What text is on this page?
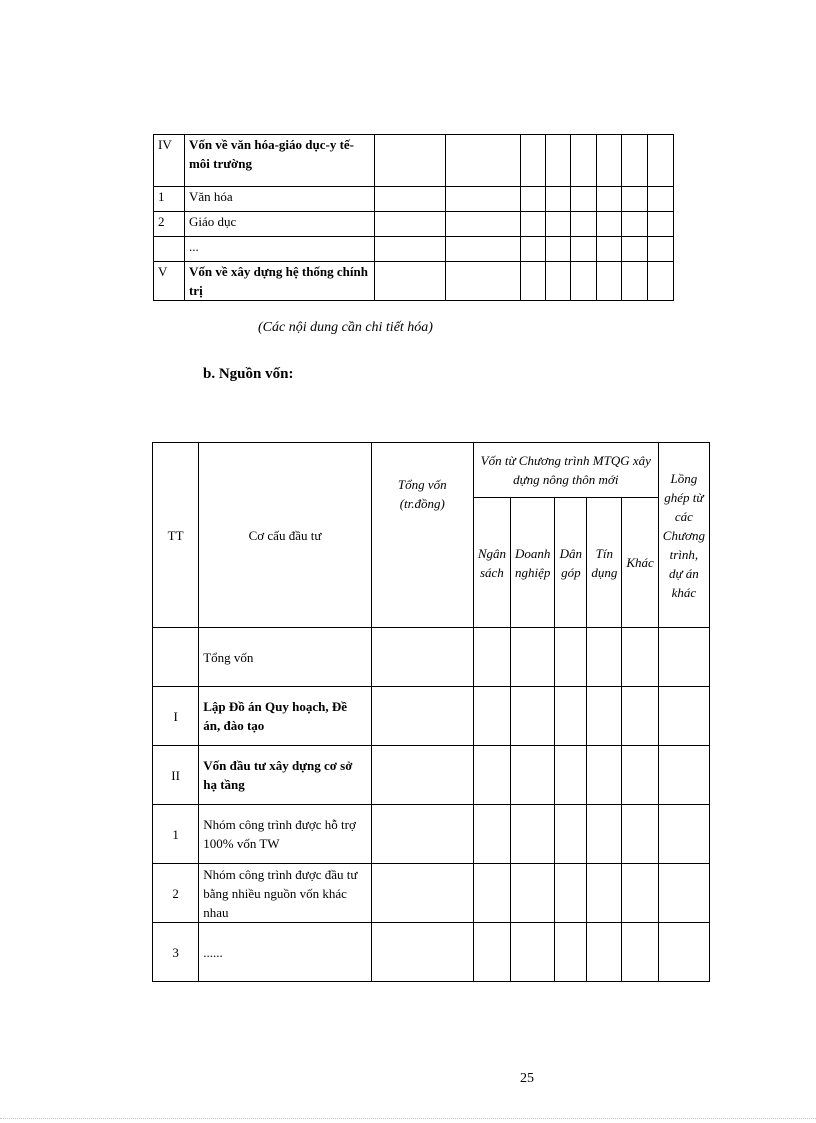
IV	Vốn về văn hóa-giáo dục-y tế-môi trường								
1	Văn hóa								
2	Giáo dục								
	...								
V	Vốn về xây dựng hệ thống chính trị								
(Các nội dung cần chi tiết hóa)
b. Nguồn vốn:
TT	Cơ cấu đầu tư	Tổng vốn (tr.đồng)	Vốn từ Chương trình MTQG xây dựng nông thôn mới					Lồng ghép từ các Chương trình, dự án khác
			Ngân sách	Doanh nghiệp	Dân góp	Tín dụng	Khác	
	Tổng vốn							
I	Lập Đồ án Quy hoạch, Đề án, đào tạo							
II	Vốn đầu tư xây dựng cơ sở hạ tầng							
1	Nhóm công trình được hỗ trợ 100% vốn TW							
2	Nhóm công trình được đầu tư bằng nhiều nguồn vốn khác nhau							
3	......							
25
